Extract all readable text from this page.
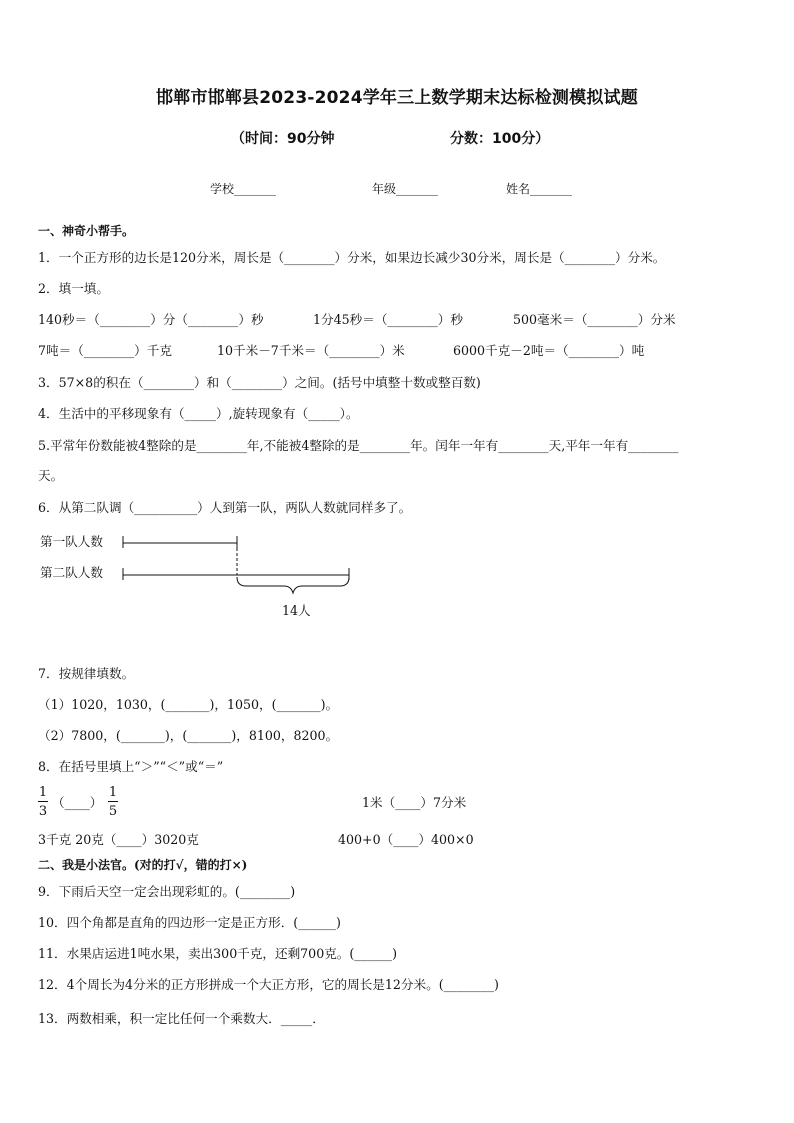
邯郸市邯郸县2023-2024学年三上数学期末达标检测模拟试题
（时间：90分钟	分数：100分）
学校_______	年级_______	姓名_______
一、神奇小帮手。
1．一个正方形的边长是120分米，周长是（________）分米，如果边长减少30分米，周长是（________）分米。
2．填一填。
140秒＝（________）分（________）秒	1分45秒＝（________）秒	500毫米＝（________）分米
7吨＝（________）千克	10千米－7千米＝（________）米	6000千克－2吨＝（________）吨
3．57×8的积在（________）和（________）之间。(括号中填整十数或整百数)
4．生活中的平移现象有（_____）,旋转现象有（_____）。
5.平常年份数能被4整除的是________年,不能被4整除的是________年。闰年一年有________天,平年一年有________
天。
6．从第二队调（__________）人到第一队，两队人数就同样多了。
第一队人数
第二队人数
14人
7．按规律填数。
（1）1020，1030，(_______)，1050，(_______)。
（2）7800，(_______)，(_______)，8100，8200。
8．在括号里填上“＞”“＜”或“＝”
1
3
（____）
1
5
1米（____）7分米
3千克 20克（____）3020克	400+0（____）400×0
二、我是小法官。(对的打√，错的打×)
9．下雨后天空一定会出现彩虹的。(________)
10．四个角都是直角的四边形一定是正方形．(______)
11．水果店运进1吨水果，卖出300千克，还剩700克。(______)
12．4个周长为4分米的正方形拼成一个大正方形，它的周长是12分米。(________)
13．两数相乘，积一定比任何一个乘数大．_____．
